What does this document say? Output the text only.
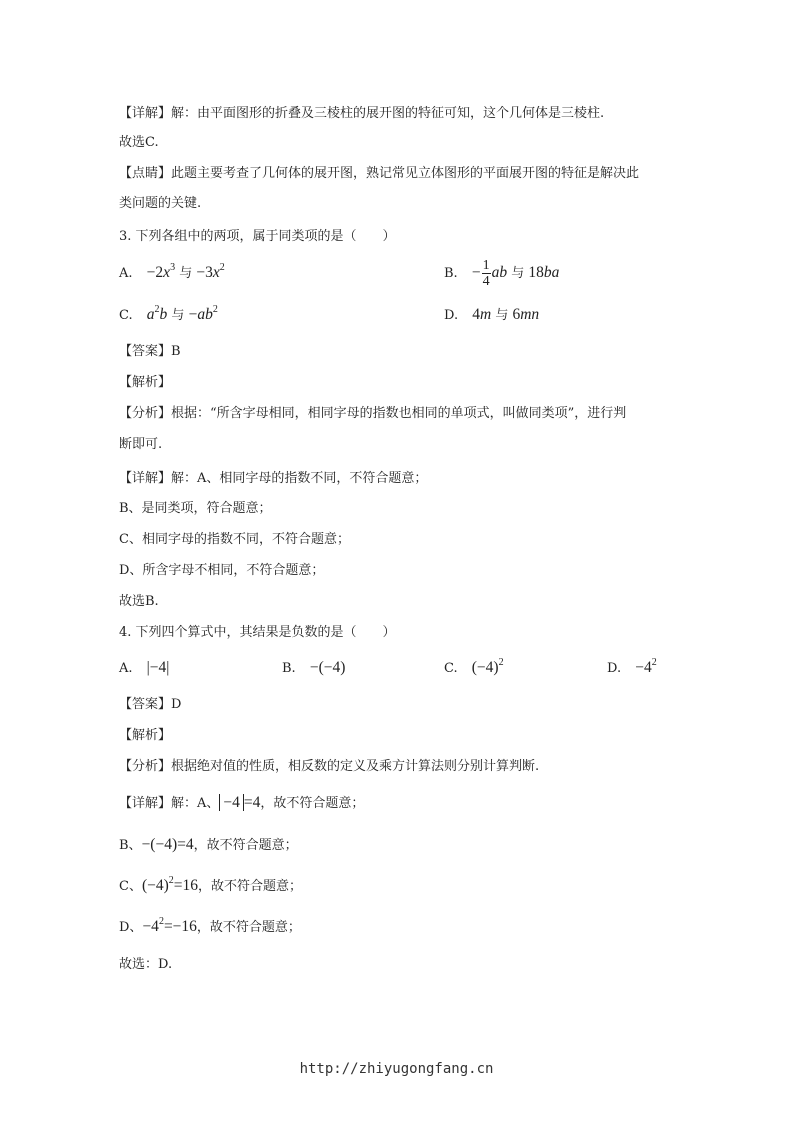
【详解】解：由平面图形的折叠及三棱柱的展开图的特征可知，这个几何体是三棱柱.
故选C.
【点睛】此题主要考查了几何体的展开图，熟记常见立体图形的平面展开图的特征是解决此
类问题的关键.
3. 下列各组中的两项，属于同类项的是（　　）
A. $-2x^3$ 与 $-3x^2$	B. − $\frac{1}{4}$ ab 与 18ba
C. $a^2b$ 与 $-ab^2$	D. 4m 与 6mn
【答案】B
【解析】
【分析】根据：“所含字母相同，相同字母的指数也相同的单项式，叫做同类项”，进行判
断即可.
【详解】解：A、相同字母的指数不同，不符合题意；
B、是同类项，符合题意；
C、相同字母的指数不同，不符合题意；
D、所含字母不相同，不符合题意；
故选B.
4. 下列四个算式中，其结果是负数的是（　　）
A. |−4|	B. −(−4)	C. $(-4)^2$	D. $-4^2$
【答案】D
【解析】
【分析】根据绝对值的性质，相反数的定义及乘方计算法则分别计算判断.
【详解】解：A、 −4 =4，故不符合题意；
B、−(−4)=4，故不符合题意；
C、$(-4)^2=16$，故不符合题意；
D、$-4^2=-16$，故不符合题意；
故选：D.
http://zhiyugongfang.cn
